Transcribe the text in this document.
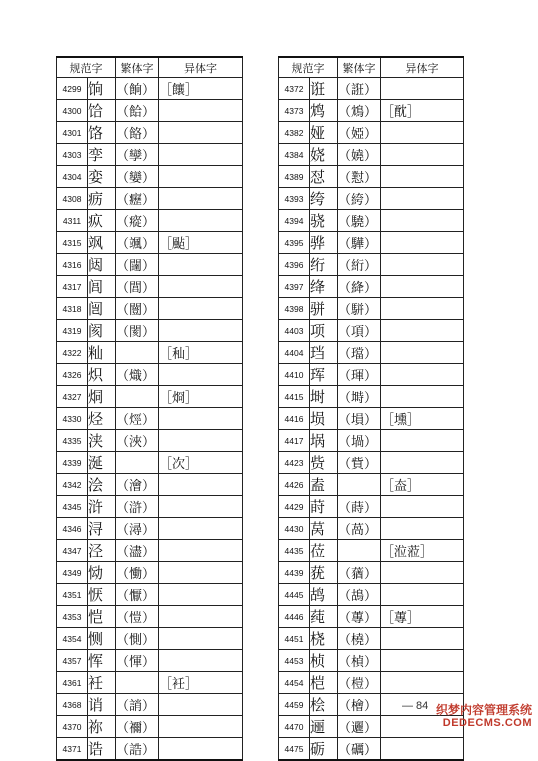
规范字		繁体字	异体字
4299	饷	（餉）	［饟］
4300	饸	（餄）	
4301	饹	（餎）	
4303	孪	（孿）	
4304	娈	（孌）	
4308	疬	（癧）	
4311	疭	（瘲）	
4315	飒	（颯）	［颭］
4316	闼	（闥）	
4317	闾	（閭）	
4318	闿	（闓）	
4319	阂	（閡）	
4322	籼		［秈］
4326	炽	（熾）	
4327	烔		［烱］
4330	烃	（烴）	
4335	浃	（浹）	
4339	涎		［次］
4342	浍	（澮）	
4345	浒	（滸）	
4346	浔	（潯）	
4347	泾	（濜）	
4349	恸	（慟）	
4351	恹	（懨）	
4353	恺	（愷）	
4354	恻	（惻）	
4357	恽	（惲）	
4361	衽		［衽］
4368	诮	（誚）	
4370	祢	（禰）	
4371	诰	（誥）	
规范字		繁体字	异体字
4372	诳	（誑）	
4373	鸩	（鴆）	［酖］
4382	娅	（婭）	
4384	娆	（嬈）	
4389	怼	（懟）	
4393	绔	（絝）	
4394	骁	（驍）	
4395	骅	（驊）	
4396	绗	（絎）	
4397	绛	（絳）	
4398	骈	（駢）	
4403	项	（項）	
4404	珰	（璫）	
4410	珲	（琿）	
4415	埘	（塒）	
4416	埙	（塤）	［壎］
4417	埚	（堝）	
4423	赀	（貲）	
4426	盍		［盇］
4429	莳	（蒔）	
4430	莴	（萵）	
4435	莅		［涖蒞］
4439	莸	（蕕）	
4445	鸪	（鴣）	
4446	莼	（蓴）	［蓴］
4451	桡	（橈）	
4453	桢	（楨）	
4454	桤	（榿）	
4459	桧	（檜）	
4470	逦	（邐）	
4475	砺	（礪）	
— 84 织梦内容管理系统
DEDECMS.COM
